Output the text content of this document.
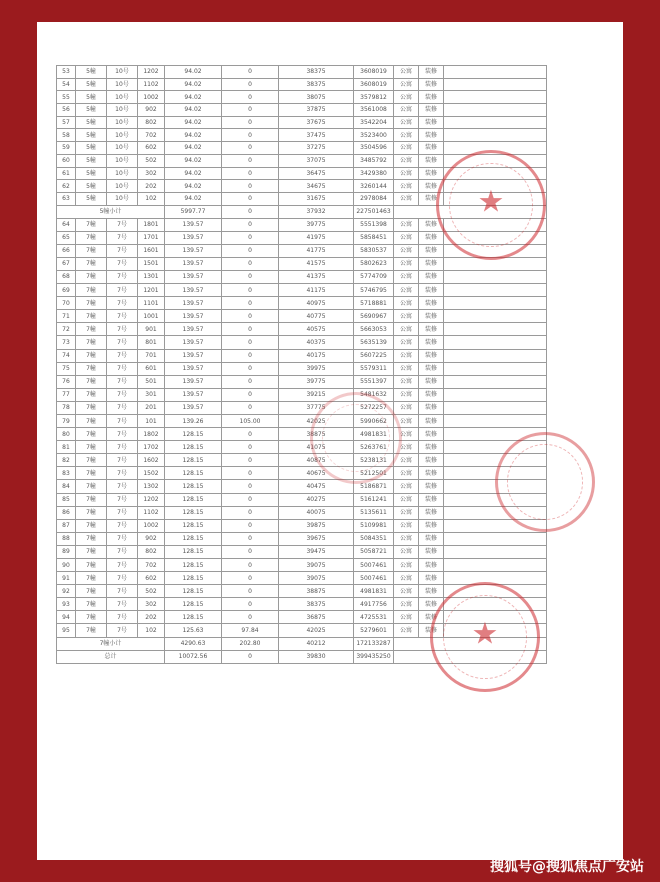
53	5幢	10号	1202	94.02	0	38375	3608019	公寓	装修	
54	5幢	10号	1102	94.02	0	38375	3608019	公寓	装修	
55	5幢	10号	1002	94.02	0	38075	3579812	公寓	装修	
56	5幢	10号	902	94.02	0	37875	3561008	公寓	装修	
57	5幢	10号	802	94.02	0	37675	3542204	公寓	装修	
58	5幢	10号	702	94.02	0	37475	3523400	公寓	装修	
59	5幢	10号	602	94.02	0	37275	3504596	公寓	装修	
60	5幢	10号	502	94.02	0	37075	3485792	公寓	装修	
61	5幢	10号	302	94.02	0	36475	3429380	公寓	装修	
62	5幢	10号	202	94.02	0	34675	3260144	公寓	装修	
63	5幢	10号	102	94.02	0	31675	2978084	公寓	装修	
5幢小计				5997.77	0	37932	227501463			
64	7幢	7号	1801	139.57	0	39775	5551398	公寓	装修	
65	7幢	7号	1701	139.57	0	41975	5858451	公寓	装修	
66	7幢	7号	1601	139.57	0	41775	5830537	公寓	装修	
67	7幢	7号	1501	139.57	0	41575	5802623	公寓	装修	
68	7幢	7号	1301	139.57	0	41375	5774709	公寓	装修	
69	7幢	7号	1201	139.57	0	41175	5746795	公寓	装修	
70	7幢	7号	1101	139.57	0	40975	5718881	公寓	装修	
71	7幢	7号	1001	139.57	0	40775	5690967	公寓	装修	
72	7幢	7号	901	139.57	0	40575	5663053	公寓	装修	
73	7幢	7号	801	139.57	0	40375	5635139	公寓	装修	
74	7幢	7号	701	139.57	0	40175	5607225	公寓	装修	
75	7幢	7号	601	139.57	0	39975	5579311	公寓	装修	
76	7幢	7号	501	139.57	0	39775	5551397	公寓	装修	
77	7幢	7号	301	139.57	0	39215	5481632	公寓	装修	
78	7幢	7号	201	139.57	0	37775	5272257	公寓	装修	
79	7幢	7号	101	139.26	105.00	42025	5990662	公寓	装修	
80	7幢	7号	1802	128.15	0	38875	4981831	公寓	装修	
81	7幢	7号	1702	128.15	0	41075	5263761	公寓	装修	
82	7幢	7号	1602	128.15	0	40875	5238131	公寓	装修	
83	7幢	7号	1502	128.15	0	40675	5212501	公寓	装修	
84	7幢	7号	1302	128.15	0	40475	5186871	公寓	装修	
85	7幢	7号	1202	128.15	0	40275	5161241	公寓	装修	
86	7幢	7号	1102	128.15	0	40075	5135611	公寓	装修	
87	7幢	7号	1002	128.15	0	39875	5109981	公寓	装修	
88	7幢	7号	902	128.15	0	39675	5084351	公寓	装修	
89	7幢	7号	802	128.15	0	39475	5058721	公寓	装修	
90	7幢	7号	702	128.15	0	39075	5007461	公寓	装修	
91	7幢	7号	602	128.15	0	39075	5007461	公寓	装修	
92	7幢	7号	502	128.15	0	38875	4981831	公寓	装修	
93	7幢	7号	302	128.15	0	38375	4917756	公寓	装修	
94	7幢	7号	202	128.15	0	36875	4725531	公寓	装修	
95	7幢	7号	102	125.63	97.84	42025	5279601	公寓	装修	
7幢小计				4290.63	202.80	40212	172133287			
总计				10072.56	0	39830	399435250			
★
★
搜狐号@搜狐焦点广安站
